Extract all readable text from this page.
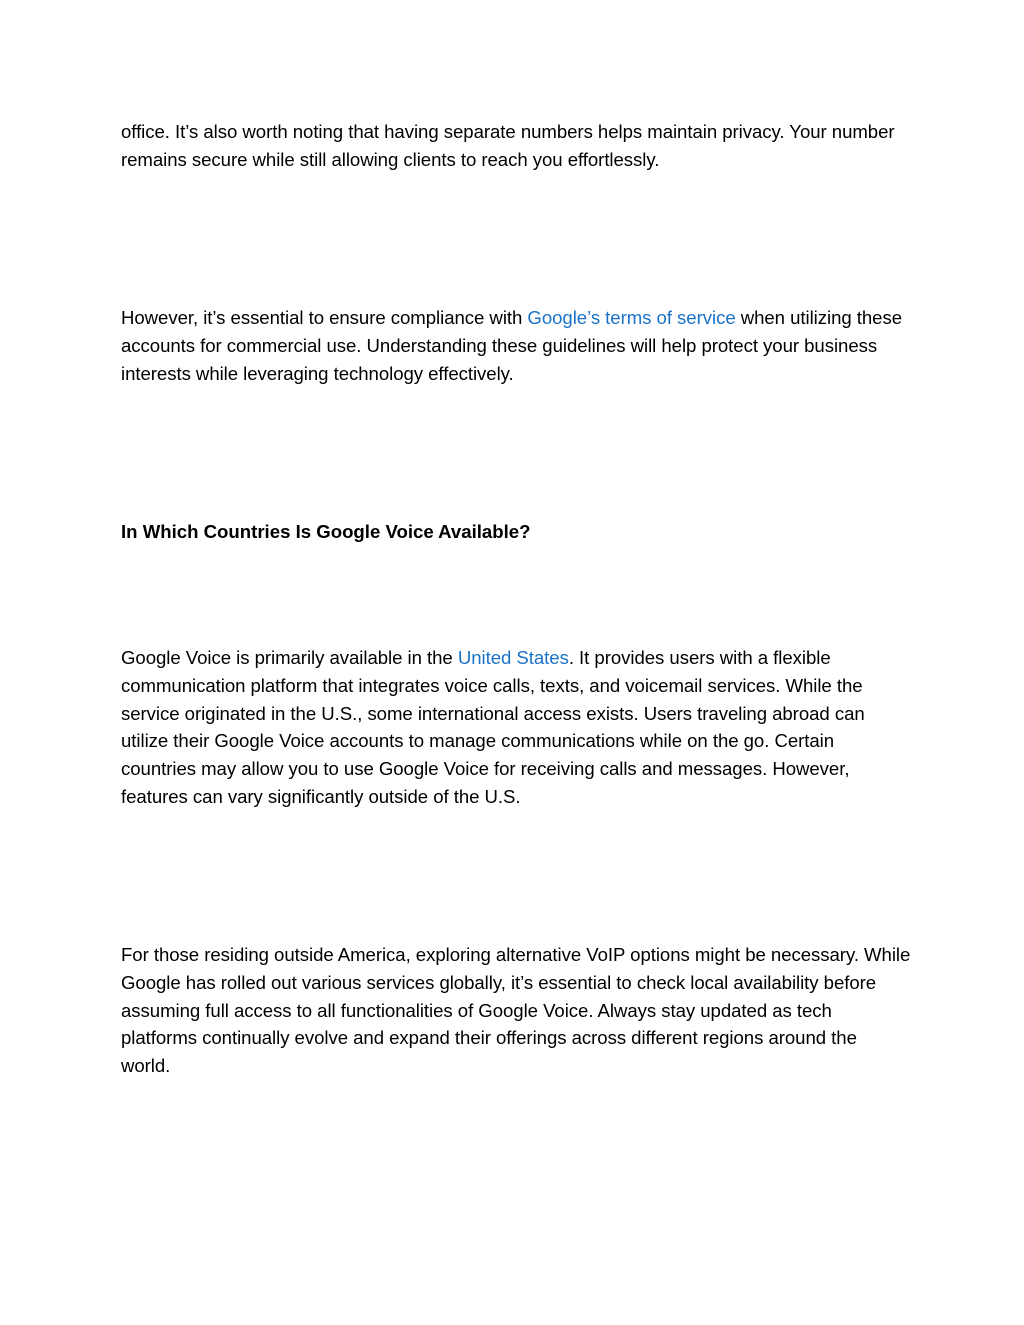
office. It’s also worth noting that having separate numbers helps maintain privacy. Your number remains secure while still allowing clients to reach you effortlessly.

However, it’s essential to ensure compliance with Google’s terms of service when utilizing these accounts for commercial use. Understanding these guidelines will help protect your business interests while leveraging technology effectively.

In Which Countries Is Google Voice Available?

Google Voice is primarily available in the United States. It provides users with a flexible communication platform that integrates voice calls, texts, and voicemail services. While the service originated in the U.S., some international access exists. Users traveling abroad can utilize their Google Voice accounts to manage communications while on the go. Certain countries may allow you to use Google Voice for receiving calls and messages. However, features can vary significantly outside of the U.S.

For those residing outside America, exploring alternative VoIP options might be necessary. While Google has rolled out various services globally, it’s essential to check local availability before assuming full access to all functionalities of Google Voice. Always stay updated as tech platforms continually evolve and expand their offerings across different regions around the world.
